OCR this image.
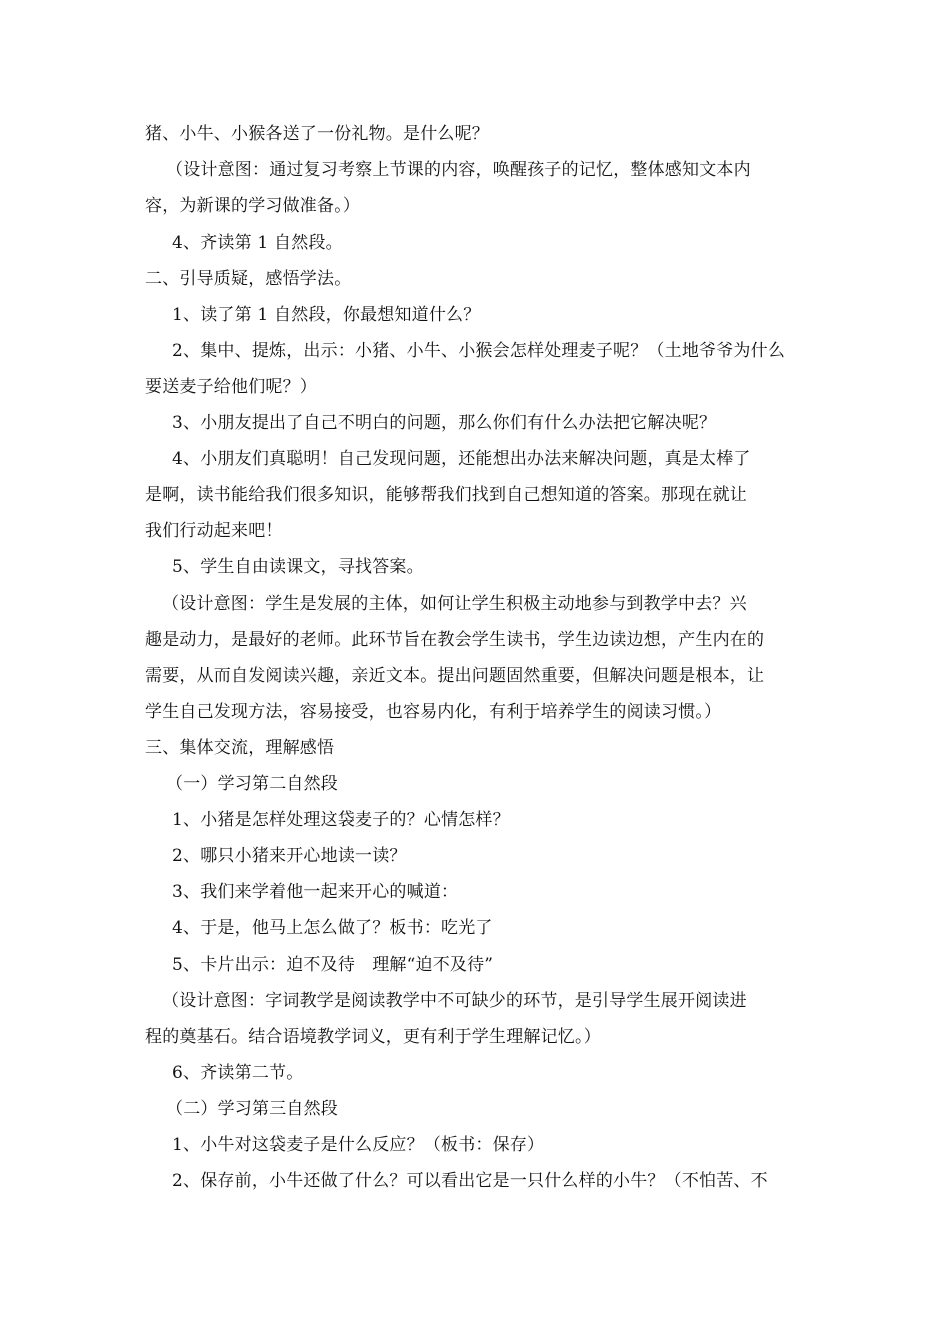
猪、小牛、小猴各送了一份礼物。是什么呢？
（设计意图：通过复习考察上节课的内容，唤醒孩子的记忆，整体感知文本内
容，为新课的学习做准备。）
4、齐读第 1 自然段。
二、引导质疑，感悟学法。
1、读了第 1 自然段，你最想知道什么？
2、集中、提炼，出示：小猪、小牛、小猴会怎样处理麦子呢？（土地爷爷为什么
要送麦子给他们呢？）
3、小朋友提出了自己不明白的问题，那么你们有什么办法把它解决呢？
4、小朋友们真聪明！自己发现问题，还能想出办法来解决问题，真是太棒了
是啊，读书能给我们很多知识，能够帮我们找到自己想知道的答案。那现在就让
我们行动起来吧！
5、学生自由读课文，寻找答案。
（设计意图：学生是发展的主体，如何让学生积极主动地参与到教学中去？兴
趣是动力，是最好的老师。此环节旨在教会学生读书，学生边读边想，产生内在的
需要，从而自发阅读兴趣，亲近文本。提出问题固然重要，但解决问题是根本，让
学生自己发现方法，容易接受，也容易内化，有利于培养学生的阅读习惯。）
三、集体交流，理解感悟
（一）学习第二自然段
1、小猪是怎样处理这袋麦子的？心情怎样？
2、哪只小猪来开心地读一读？
3、我们来学着他一起来开心的喊道：
4、于是，他马上怎么做了？板书：吃光了
5、卡片出示：迫不及待　理解“迫不及待”
（设计意图：字词教学是阅读教学中不可缺少的环节，是引导学生展开阅读进
程的奠基石。结合语境教学词义，更有利于学生理解记忆。）
6、齐读第二节。
（二）学习第三自然段
1、小牛对这袋麦子是什么反应？（板书：保存）
2、保存前，小牛还做了什么？可以看出它是一只什么样的小牛？（不怕苦、不
